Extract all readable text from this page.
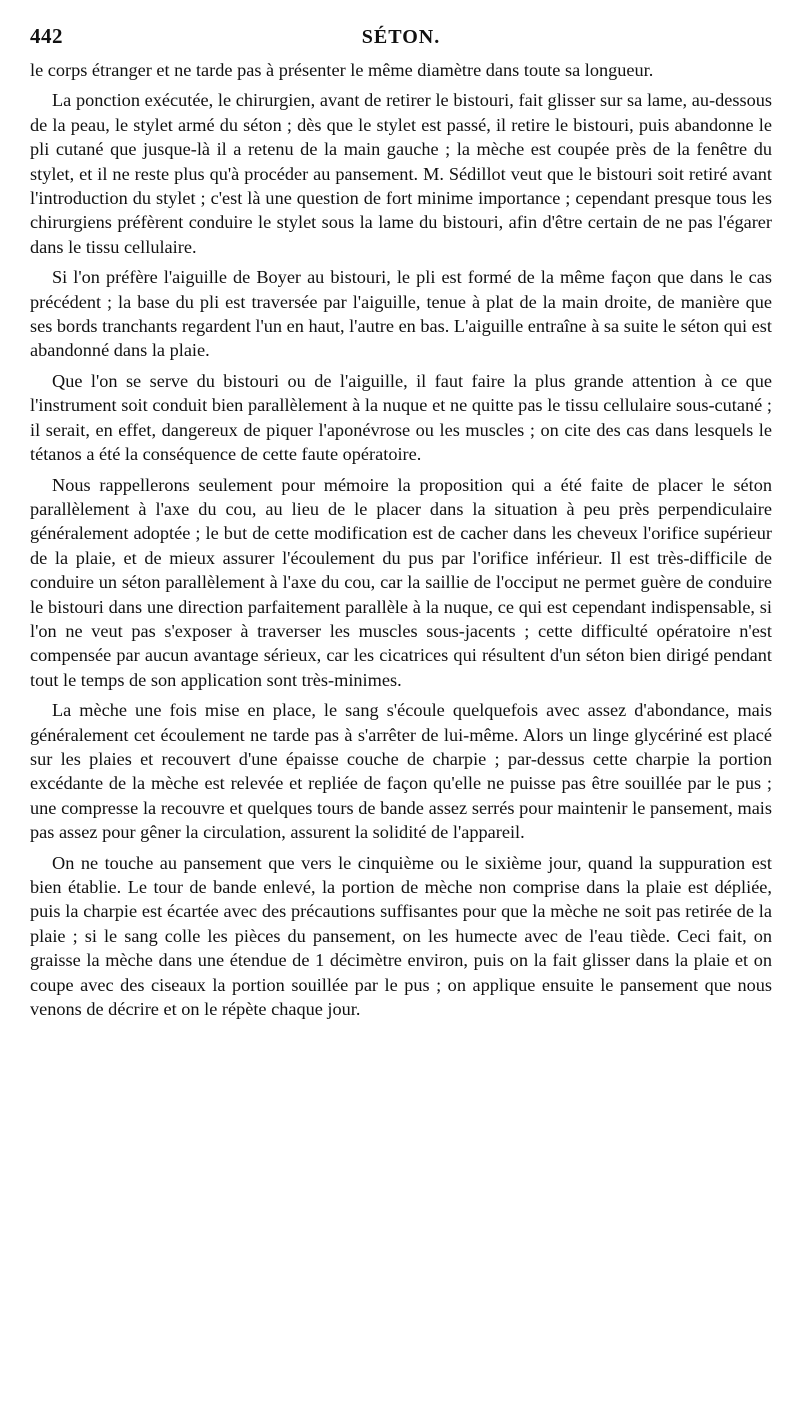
442	SÉTON.

le corps étranger et ne tarde pas à présenter le même diamètre dans toute sa longueur.

La ponction exécutée, le chirurgien, avant de retirer le bistouri, fait glisser sur sa lame, au-dessous de la peau, le stylet armé du séton ; dès que le stylet est passé, il retire le bistouri, puis abandonne le pli cutané que jusque-là il a retenu de la main gauche ; la mèche est coupée près de la fenêtre du stylet, et il ne reste plus qu'à procéder au pansement. M. Sédillot veut que le bistouri soit retiré avant l'introduction du stylet ; c'est là une question de fort minime importance ; cependant presque tous les chirurgiens préfèrent conduire le stylet sous la lame du bistouri, afin d'être certain de ne pas l'égarer dans le tissu cellulaire.

Si l'on préfère l'aiguille de Boyer au bistouri, le pli est formé de la même façon que dans le cas précédent ; la base du pli est traversée par l'aiguille, tenue à plat de la main droite, de manière que ses bords tranchants regardent l'un en haut, l'autre en bas. L'aiguille entraîne à sa suite le séton qui est abandonné dans la plaie.

Que l'on se serve du bistouri ou de l'aiguille, il faut faire la plus grande attention à ce que l'instrument soit conduit bien parallèlement à la nuque et ne quitte pas le tissu cellulaire sous-cutané ; il serait, en effet, dangereux de piquer l'aponévrose ou les muscles ; on cite des cas dans lesquels le tétanos a été la conséquence de cette faute opératoire.

Nous rappellerons seulement pour mémoire la proposition qui a été faite de placer le séton parallèlement à l'axe du cou, au lieu de le placer dans la situation à peu près perpendiculaire généralement adoptée ; le but de cette modification est de cacher dans les cheveux l'orifice supérieur de la plaie, et de mieux assurer l'écoulement du pus par l'orifice inférieur. Il est très-difficile de conduire un séton parallèlement à l'axe du cou, car la saillie de l'occiput ne permet guère de conduire le bistouri dans une direction parfaitement parallèle à la nuque, ce qui est cependant indispensable, si l'on ne veut pas s'exposer à traverser les muscles sous-jacents ; cette difficulté opératoire n'est compensée par aucun avantage sérieux, car les cicatrices qui résultent d'un séton bien dirigé pendant tout le temps de son application sont très-minimes.

La mèche une fois mise en place, le sang s'écoule quelquefois avec assez d'abondance, mais généralement cet écoulement ne tarde pas à s'arrêter de lui-même. Alors un linge glycériné est placé sur les plaies et recouvert d'une épaisse couche de charpie ; par-dessus cette charpie la portion excédante de la mèche est relevée et repliée de façon qu'elle ne puisse pas être souillée par le pus ; une compresse la recouvre et quelques tours de bande assez serrés pour maintenir le pansement, mais pas assez pour gêner la circulation, assurent la solidité de l'appareil.

On ne touche au pansement que vers le cinquième ou le sixième jour, quand la suppuration est bien établie. Le tour de bande enlevé, la portion de mèche non comprise dans la plaie est dépliée, puis la charpie est écartée avec des précautions suffisantes pour que la mèche ne soit pas retirée de la plaie ; si le sang colle les pièces du pansement, on les humecte avec de l'eau tiède. Ceci fait, on graisse la mèche dans une étendue de 1 décimètre environ, puis on la fait glisser dans la plaie et on coupe avec des ciseaux la portion souillée par le pus ; on applique ensuite le pansement que nous venons de décrire et on le répète chaque jour.
